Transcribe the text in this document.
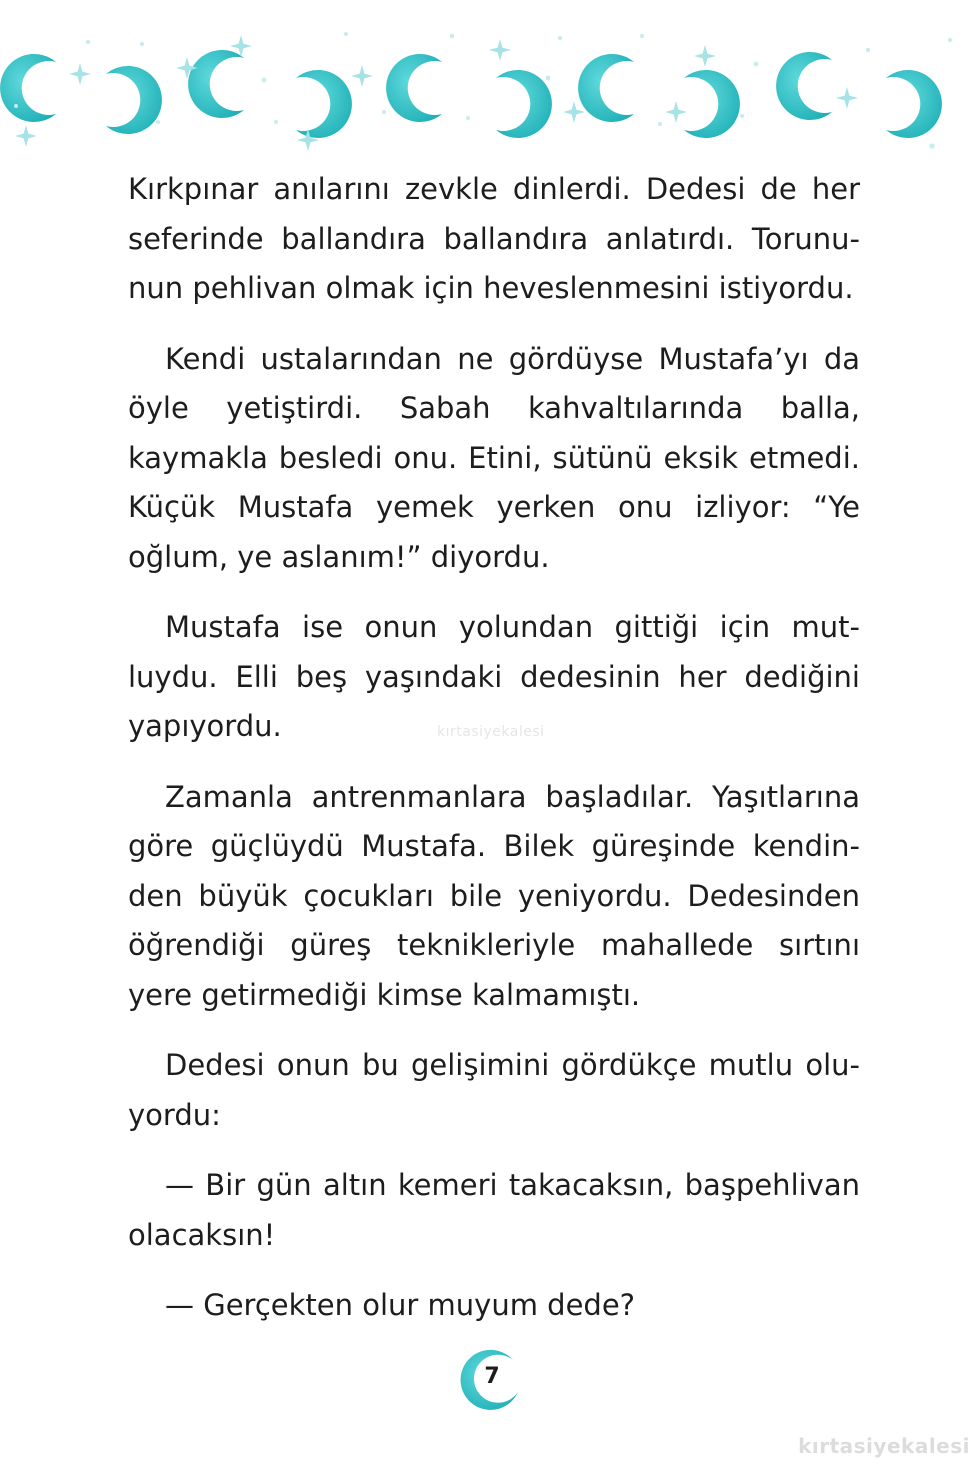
Kırkpınar anılarını zevkle dinlerdi. Dedesi de her seferinde ballandıra ballandıra anlatırdı. Torununun pehlivan olmak için heveslenmesini istiyordu.

Kendi ustalarından ne gördüyse Mustafa’yı da öyle yetiştirdi. Sabah kahvaltılarında balla, kaymakla besledi onu. Etini, sütünü eksik etmedi. Küçük Mustafa yemek yerken onu izliyor: “Ye oğlum, ye aslanım!” diyordu.

Mustafa ise onun yolundan gittiği için mutluydu. Elli beş yaşındaki dedesinin her dediğini yapıyordu.

Zamanla antrenmanlara başladılar. Yaşıtlarına göre güçlüydü Mustafa. Bilek güreşinde kendinden büyük çocukları bile yeniyordu. Dedesinden öğrendiği güreş teknikleriyle mahallede sırtını yere getirmediği kimse kalmamıştı.

Dedesi onun bu gelişimini gördükçe mutlu oluyordu:

— Bir gün altın kemeri takacaksın, başpehlivan olacaksın!

— Gerçekten olur muyum dede?

kırtasiyekalesi
7
kırtasiyekalesi
